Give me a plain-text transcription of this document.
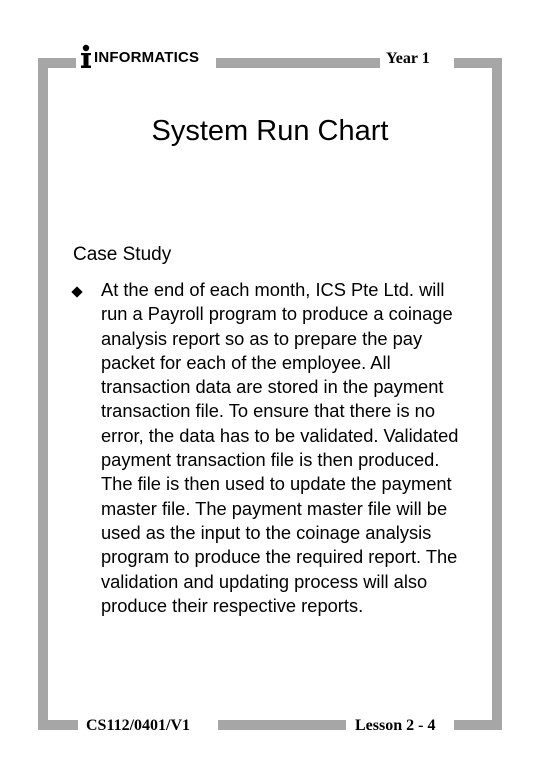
INFORMATICS	Year 1
System Run Chart
Case Study
At the end of each month, ICS Pte Ltd. will run a Payroll program to produce a coinage analysis report so as to prepare the pay packet for each of the employee. All transaction data are stored in the payment transaction file. To ensure that there is no error, the data has to be validated. Validated payment transaction file is then produced. The file is then used to update the payment master file. The payment master file will be used as the input to the coinage analysis program to produce the required report. The validation and updating process will also produce their respective reports.
CS112/0401/V1	Lesson 2 - 4
